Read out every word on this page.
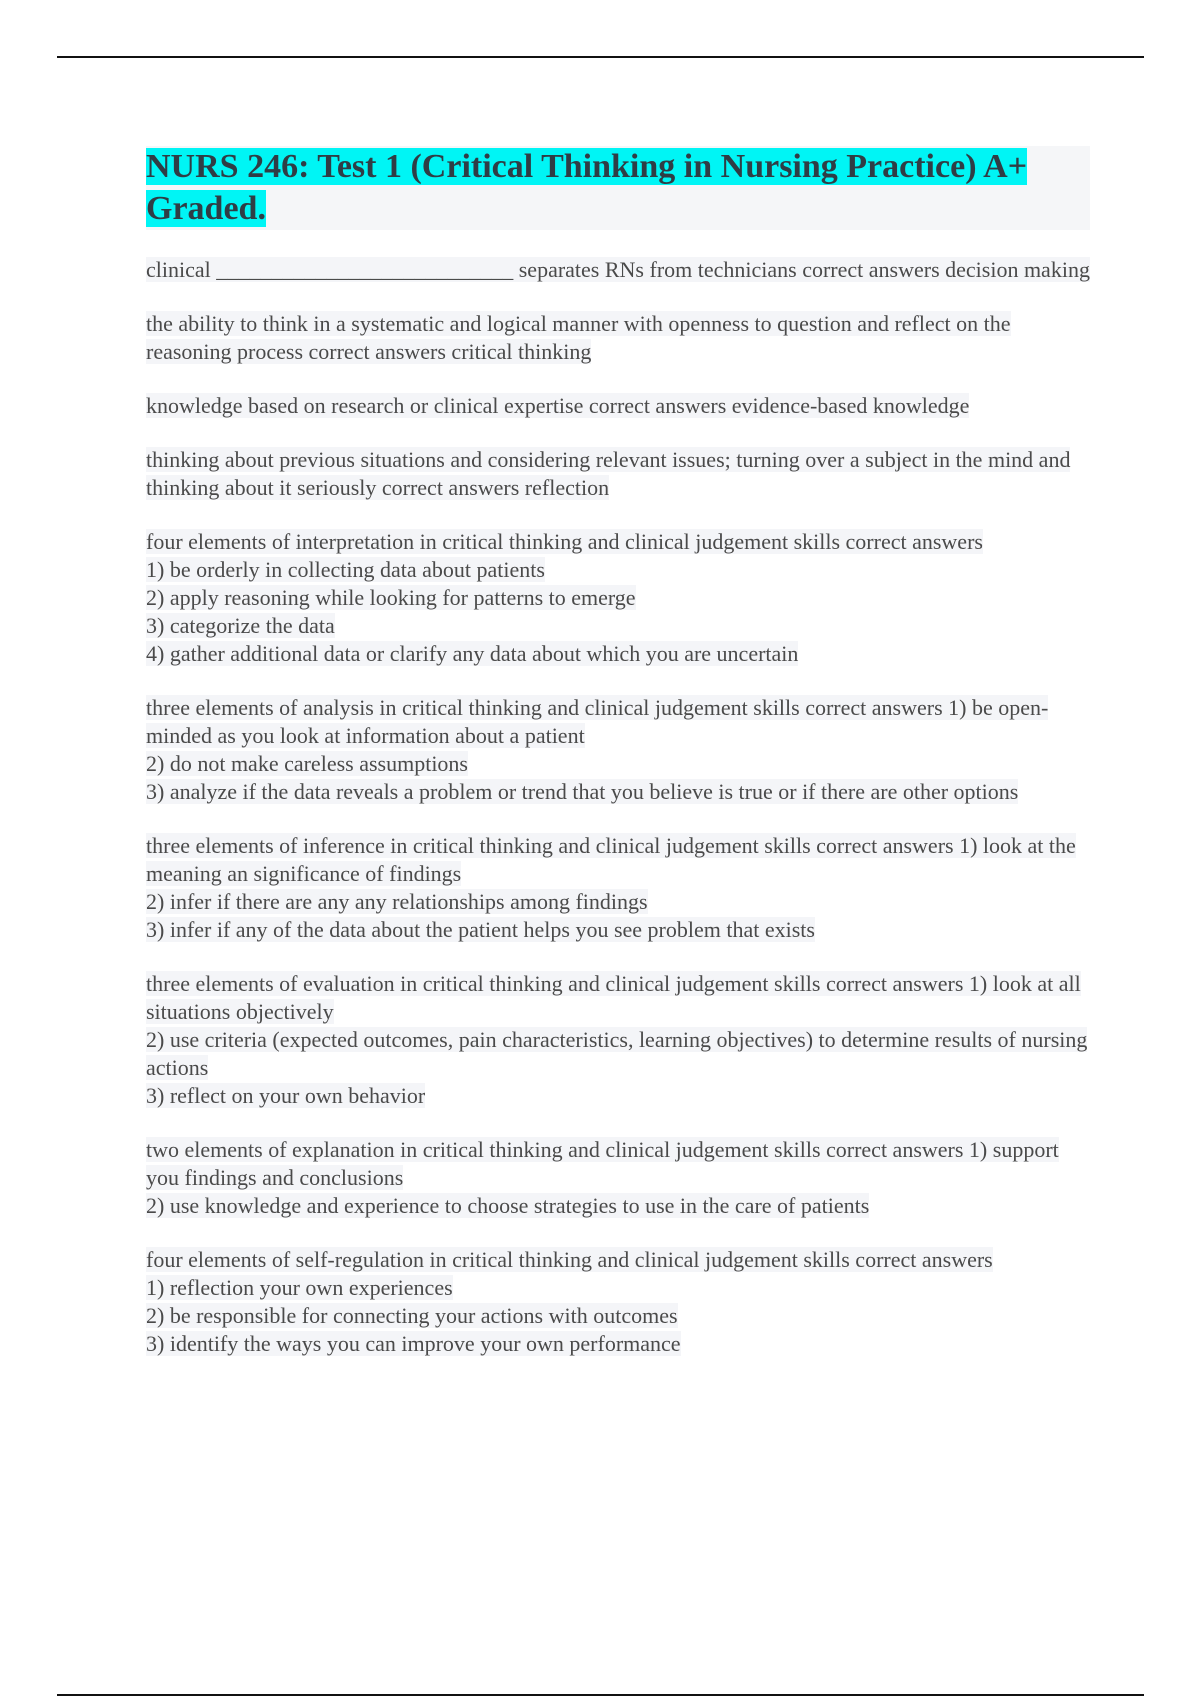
NURS 246: Test 1 (Critical Thinking in Nursing Practice) A+ Graded.

clinical ___________________________ separates RNs from technicians correct answers decision making

the ability to think in a systematic and logical manner with openness to question and reflect on the reasoning process correct answers critical thinking

knowledge based on research or clinical expertise correct answers evidence-based knowledge

thinking about previous situations and considering relevant issues; turning over a subject in the mind and thinking about it seriously correct answers reflection

four elements of interpretation in critical thinking and clinical judgement skills correct answers
1) be orderly in collecting data about patients
2) apply reasoning while looking for patterns to emerge
3) categorize the data
4) gather additional data or clarify any data about which you are uncertain

three elements of analysis in critical thinking and clinical judgement skills correct answers 1) be open-minded as you look at information about a patient
2) do not make careless assumptions
3) analyze if the data reveals a problem or trend that you believe is true or if there are other options

three elements of inference in critical thinking and clinical judgement skills correct answers 1) look at the meaning an significance of findings
2) infer if there are any any relationships among findings
3) infer if any of the data about the patient helps you see problem that exists

three elements of evaluation in critical thinking and clinical judgement skills correct answers 1) look at all situations objectively
2) use criteria (expected outcomes, pain characteristics, learning objectives) to determine results of nursing actions
3) reflect on your own behavior

two elements of explanation in critical thinking and clinical judgement skills correct answers 1) support you findings and conclusions
2) use knowledge and experience to choose strategies to use in the care of patients

four elements of self-regulation in critical thinking and clinical judgement skills correct answers
1) reflection your own experiences
2) be responsible for connecting your actions with outcomes
3) identify the ways you can improve your own performance
